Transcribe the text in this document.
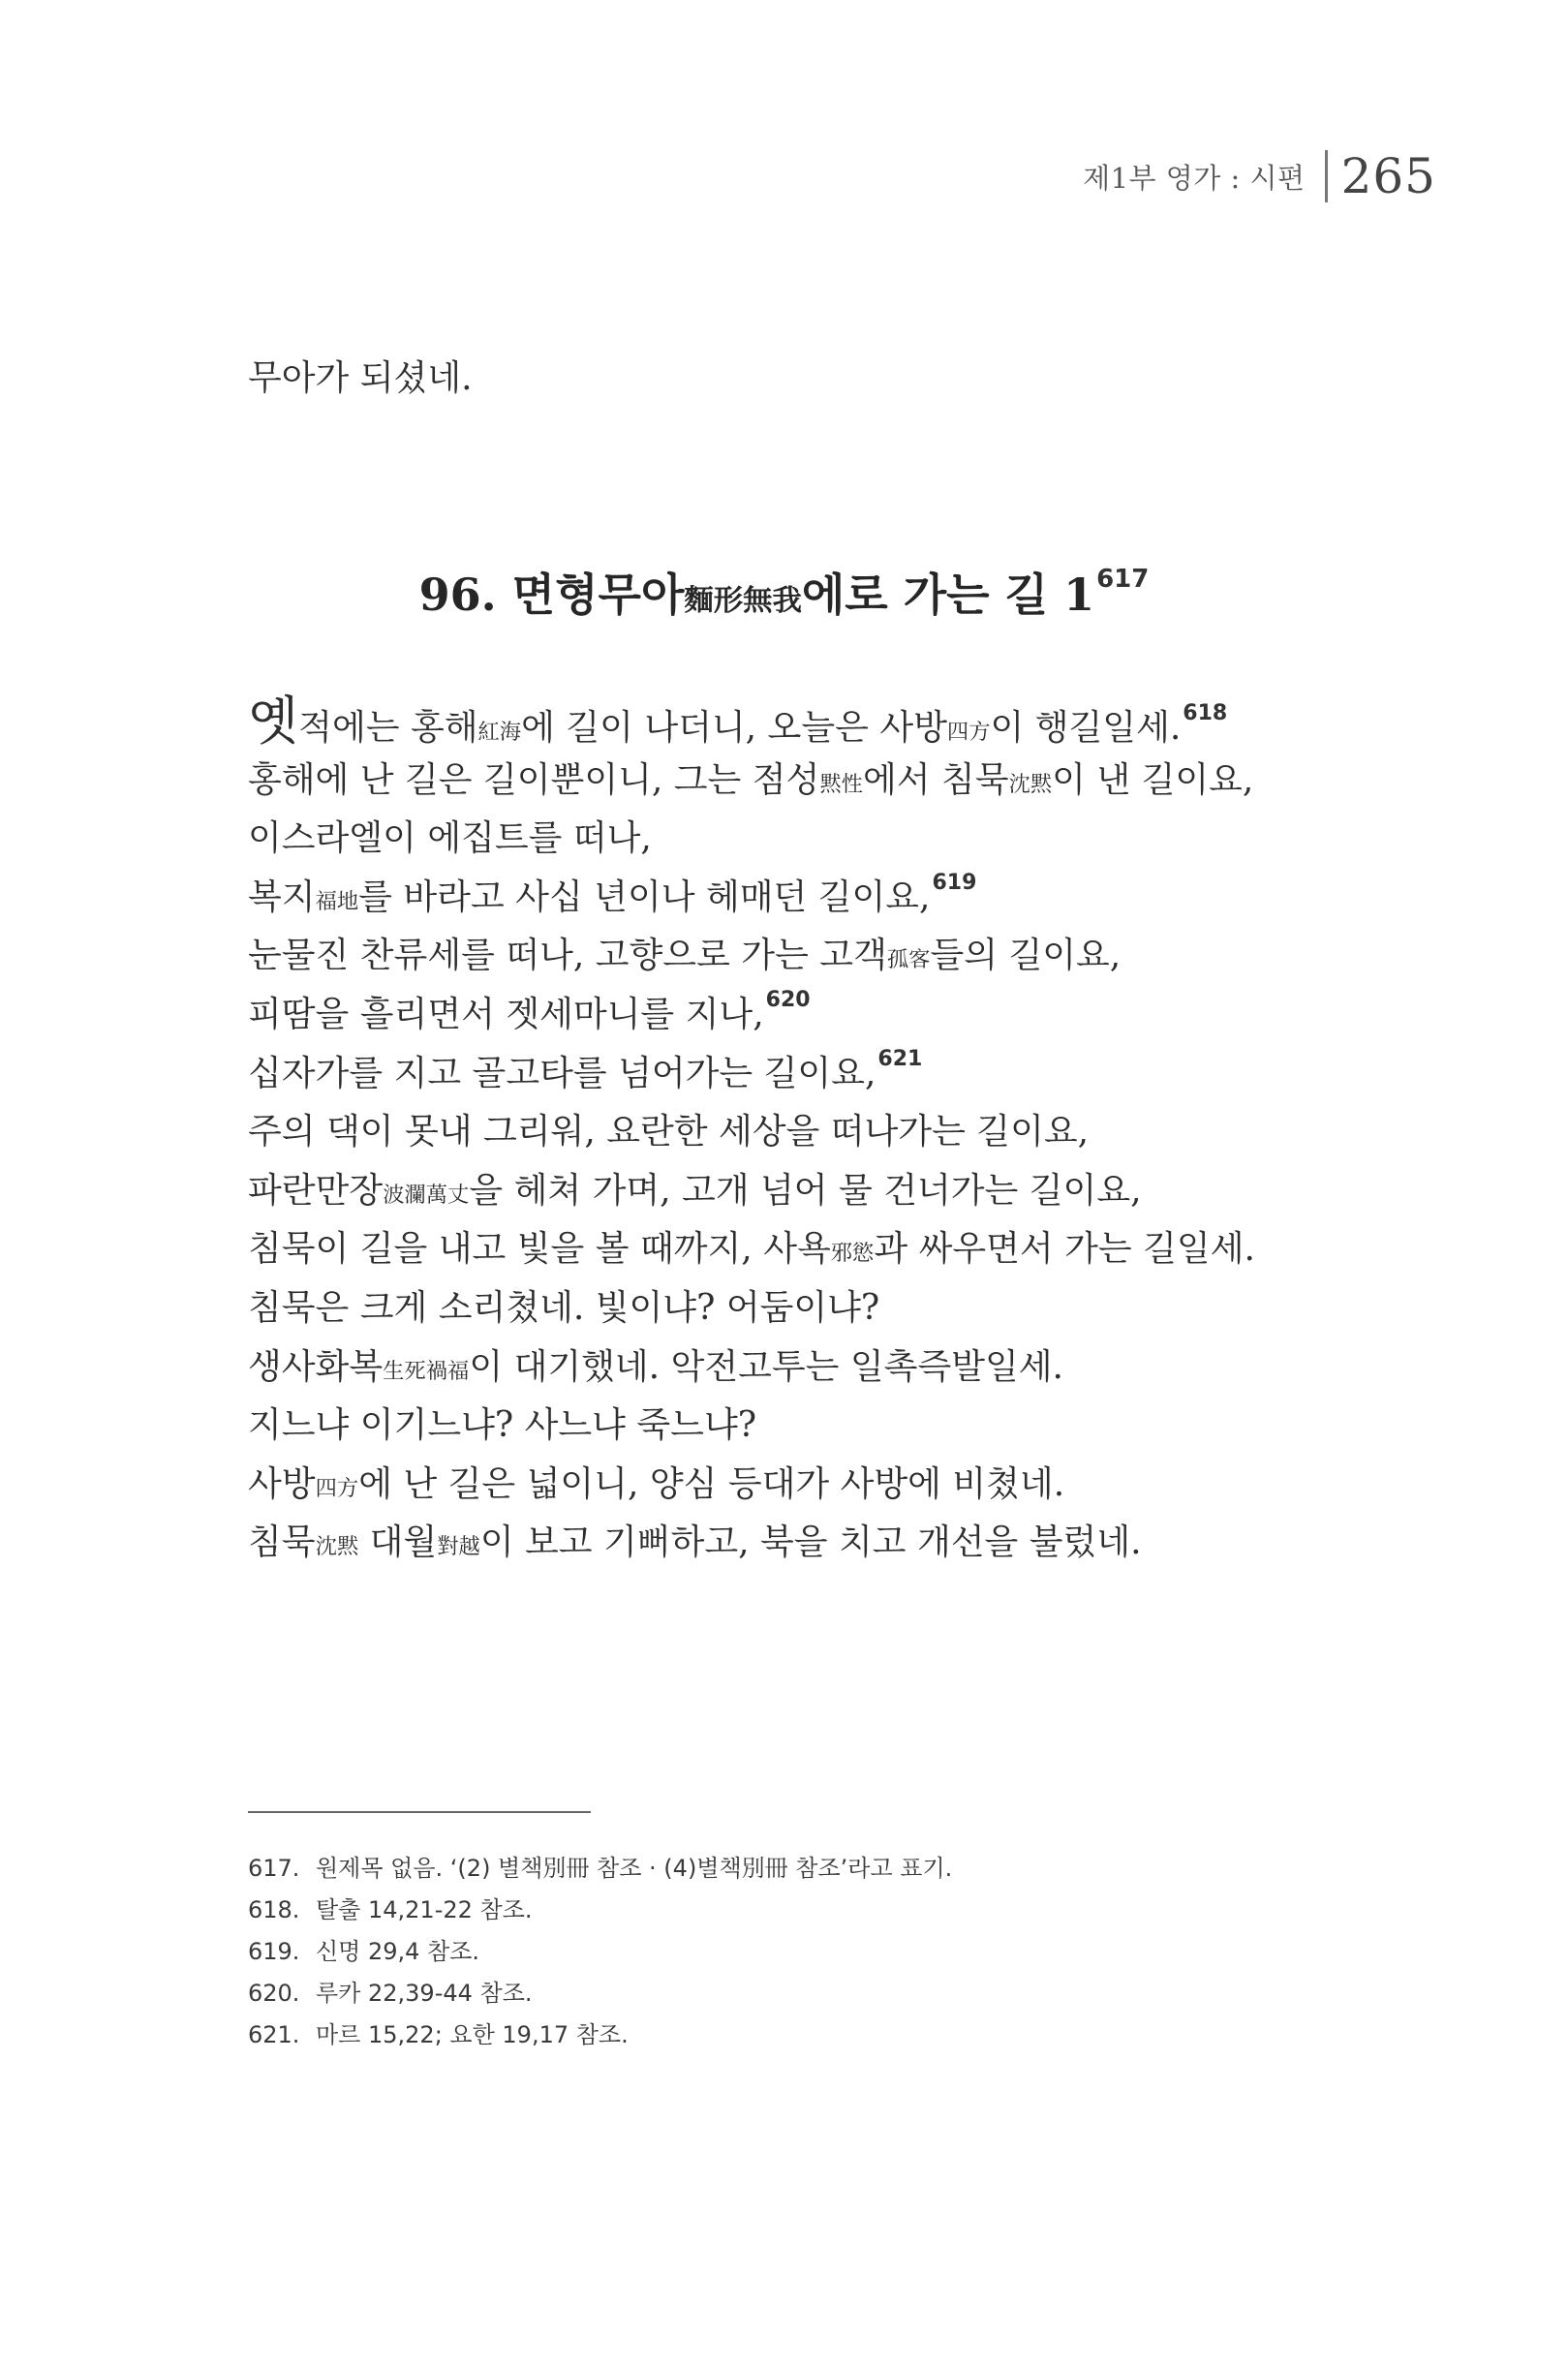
제1부 영가 : 시편 265
무아가 되셨네.
96. 면형무아麵形無我에로 가는 길 $1^{617}$
옛적에는 홍해紅海에 길이 나더니, 오늘은 사방四方이 행길일세.$^{618}$
홍해에 난 길은 길이뿐이니, 그는 점성黙性에서 침묵沈黙이 낸 길이요,
이스라엘이 에집트를 떠나,
복지福地를 바라고 사십 년이나 헤매던 길이요,$^{619}$
눈물진 찬류세를 떠나, 고향으로 가는 고객孤客들의 길이요,
피땀을 흘리면서 젯세마니를 지나,$^{620}$
십자가를 지고 골고타를 넘어가는 길이요,$^{621}$
주의 댁이 못내 그리워, 요란한 세상을 떠나가는 길이요,
파란만장波瀾萬丈을 헤쳐 가며, 고개 넘어 물 건너가는 길이요,
침묵이 길을 내고 빛을 볼 때까지, 사욕邪慾과 싸우면서 가는 길일세.
침묵은 크게 소리쳤네. 빛이냐? 어둠이냐?
생사화복生死禍福이 대기했네. 악전고투는 일촉즉발일세.
지느냐 이기느냐? 사느냐 죽느냐?
사방四方에 난 길은 넓이니, 양심 등대가 사방에 비쳤네.
침묵沈黙 대월對越이 보고 기뻐하고, 북을 치고 개선을 불렀네.
617. 원제목 없음. ‘(2) 별책別冊 참조 · (4)별책別冊 참조’라고 표기.
618. 탈출 14,21-22 참조.
619. 신명 29,4 참조.
620. 루카 22,39-44 참조.
621. 마르 15,22; 요한 19,17 참조.
